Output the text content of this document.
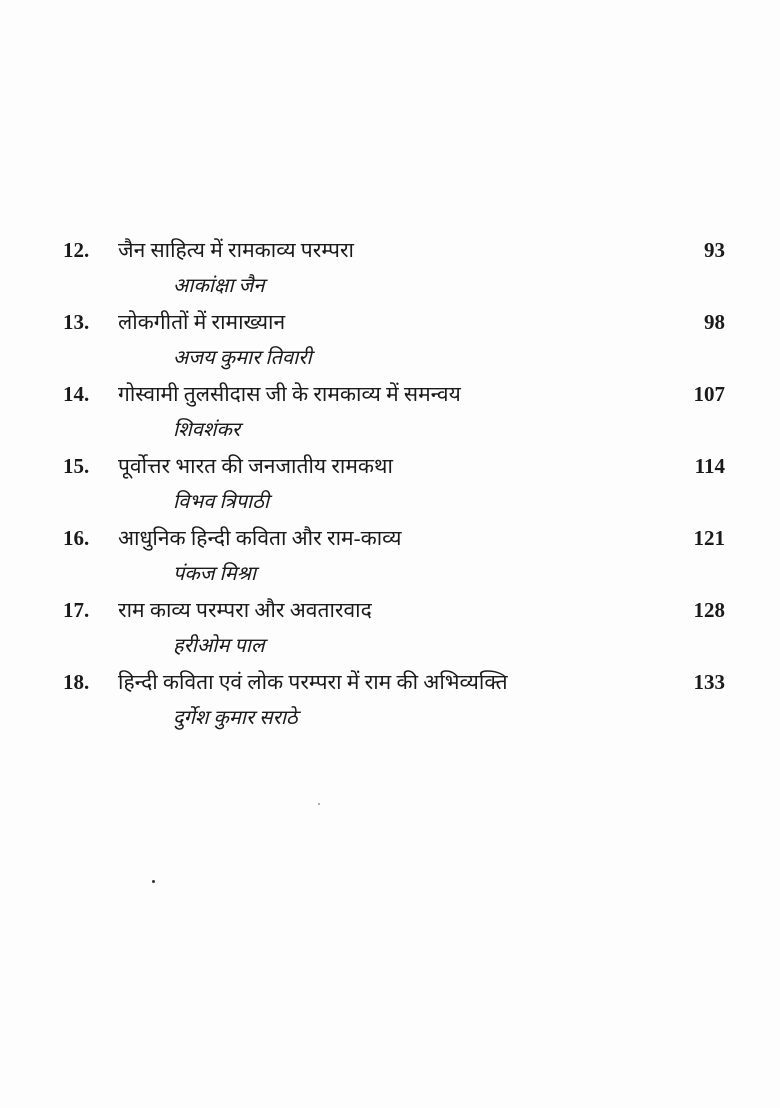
12. जैन साहित्य में रामकाव्य परम्परा	93
आकांक्षा जैन
13. लोकगीतों में रामाख्यान	98
अजय कुमार तिवारी
14. गोस्वामी तुलसीदास जी के रामकाव्य में समन्वय	107
शिवशंकर
15. पूर्वोत्तर भारत की जनजातीय रामकथा	114
विभव त्रिपाठी
16. आधुनिक हिन्दी कविता और राम-काव्य	121
पंकज मिश्रा
17. राम काव्य परम्परा और अवतारवाद	128
हरीओम पाल
18. हिन्दी कविता एवं लोक परम्परा में राम की अभिव्यक्ति	133
दुर्गेश कुमार सराठे
